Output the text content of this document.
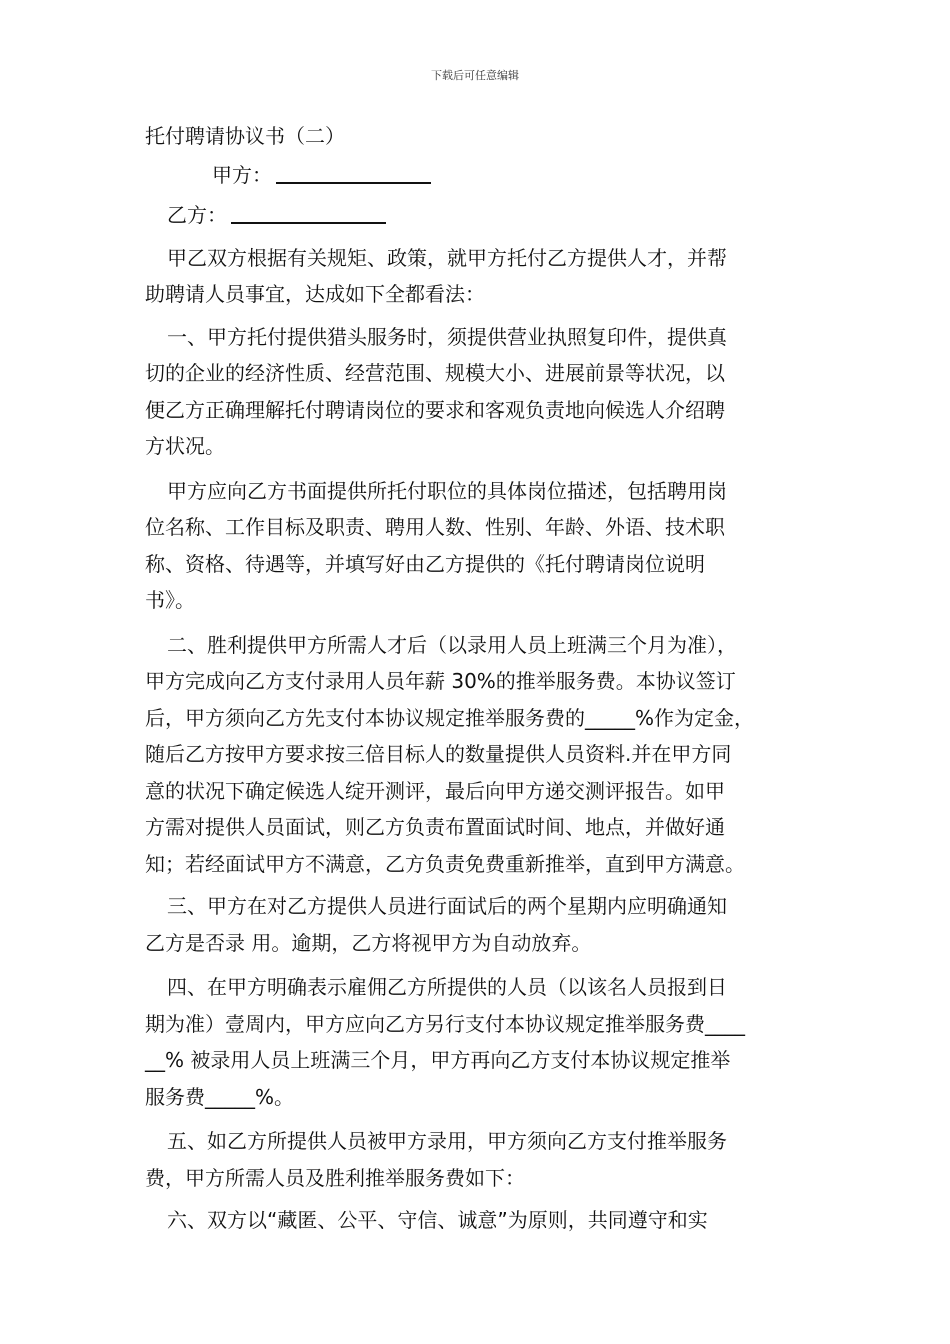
下载后可任意编辑
托付聘请协议书（二）
甲方：
乙方：
甲乙双方根据有关规矩、政策，就甲方托付乙方提供人才，并帮
助聘请人员事宜，达成如下全都看法：
一、甲方托付提供猎头服务时，须提供营业执照复印件，提供真
切的企业的经济性质、经营范围、规模大小、进展前景等状况，以
便乙方正确理解托付聘请岗位的要求和客观负责地向候选人介绍聘
方状况。
甲方应向乙方书面提供所托付职位的具体岗位描述，包括聘用岗
位名称、工作目标及职责、聘用人数、性别、年龄、外语、技术职
称、资格、待遇等，并填写好由乙方提供的《托付聘请岗位说明
书》。
二、胜利提供甲方所需人才后（以录用人员上班满三个月为准），
甲方完成向乙方支付录用人员年薪 30%的推举服务费。本协议签订
后，甲方须向乙方先支付本协议规定推举服务费的_____%作为定金，
随后乙方按甲方要求按三倍目标人的数量提供人员资料.并在甲方同
意的状况下确定候选人绽开测评，最后向甲方递交测评报告。如甲
方需对提供人员面试，则乙方负责布置面试时间、地点，并做好通
知；若经面试甲方不满意，乙方负责免费重新推举，直到甲方满意。
三、甲方在对乙方提供人员进行面试后的两个星期内应明确通知
乙方是否录 用。逾期，乙方将视甲方为自动放弃。
四、在甲方明确表示雇佣乙方所提供的人员（以该名人员报到日
期为准）壹周内，甲方应向乙方另行支付本协议规定推举服务费____
__% 被录用人员上班满三个月，甲方再向乙方支付本协议规定推举
服务费_____%。
五、如乙方所提供人员被甲方录用，甲方须向乙方支付推举服务
费，甲方所需人员及胜利推举服务费如下：
六、双方以“藏匿、公平、守信、诚意”为原则，共同遵守和实
